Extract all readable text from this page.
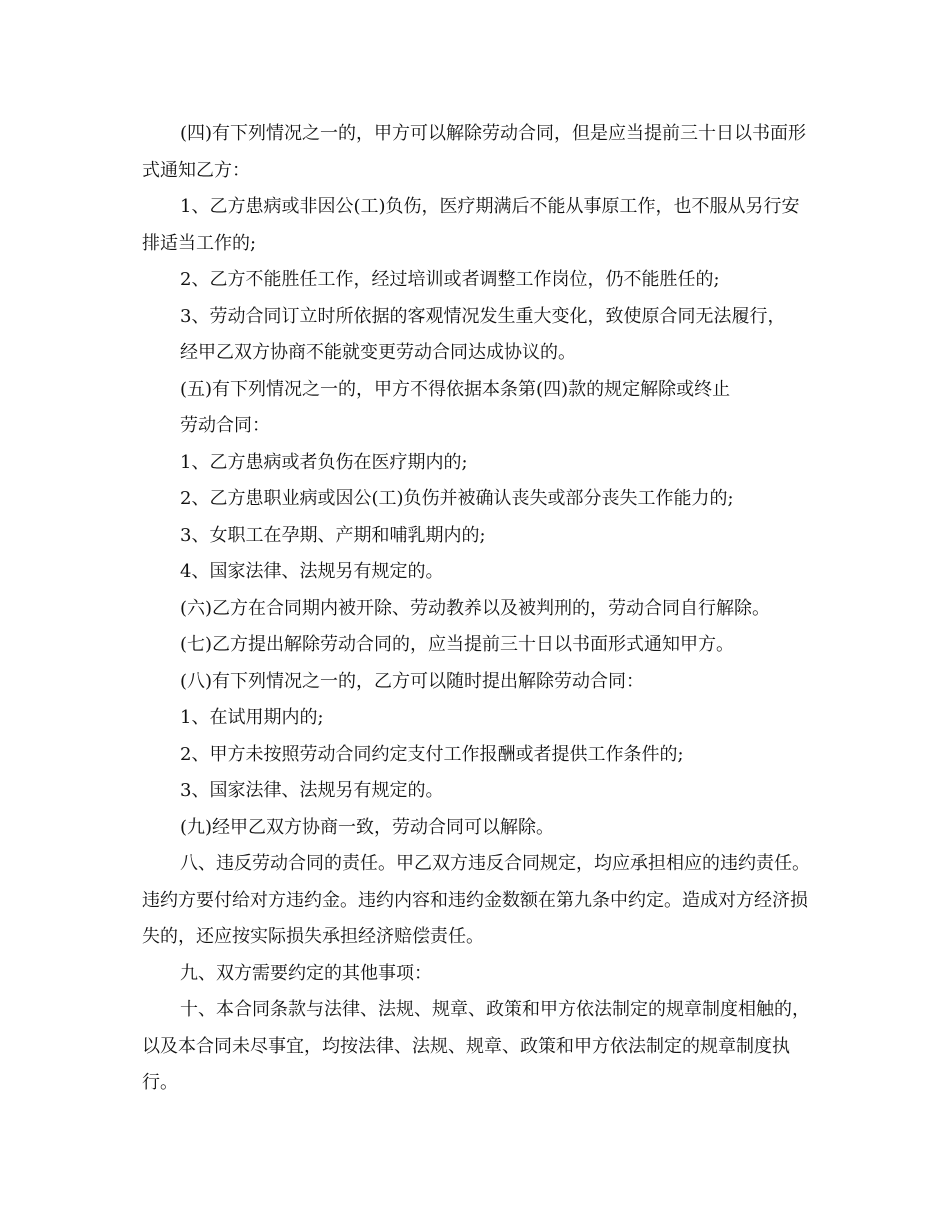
(四)有下列情况之一的，甲方可以解除劳动合同，但是应当提前三十日以书面形式通知乙方：

1、乙方患病或非因公(工)负伤，医疗期满后不能从事原工作，也不服从另行安排适当工作的;

2、乙方不能胜任工作，经过培训或者调整工作岗位，仍不能胜任的;

3、劳动合同订立时所依据的客观情况发生重大变化，致使原合同无法履行，

经甲乙双方协商不能就变更劳动合同达成协议的。

(五)有下列情况之一的，甲方不得依据本条第(四)款的规定解除或终止

劳动合同：

1、乙方患病或者负伤在医疗期内的;

2、乙方患职业病或因公(工)负伤并被确认丧失或部分丧失工作能力的;

3、女职工在孕期、产期和哺乳期内的;

4、国家法律、法规另有规定的。

(六)乙方在合同期内被开除、劳动教养以及被判刑的，劳动合同自行解除。

(七)乙方提出解除劳动合同的，应当提前三十日以书面形式通知甲方。

(八)有下列情况之一的，乙方可以随时提出解除劳动合同：

1、在试用期内的;

2、甲方未按照劳动合同约定支付工作报酬或者提供工作条件的;

3、国家法律、法规另有规定的。

(九)经甲乙双方协商一致，劳动合同可以解除。

八、违反劳动合同的责任。甲乙双方违反合同规定，均应承担相应的违约责任。违约方要付给对方违约金。违约内容和违约金数额在第九条中约定。造成对方经济损失的，还应按实际损失承担经济赔偿责任。

九、双方需要约定的其他事项：

十、本合同条款与法律、法规、规章、政策和甲方依法制定的规章制度相触的，以及本合同未尽事宜，均按法律、法规、规章、政策和甲方依法制定的规章制度执行。
